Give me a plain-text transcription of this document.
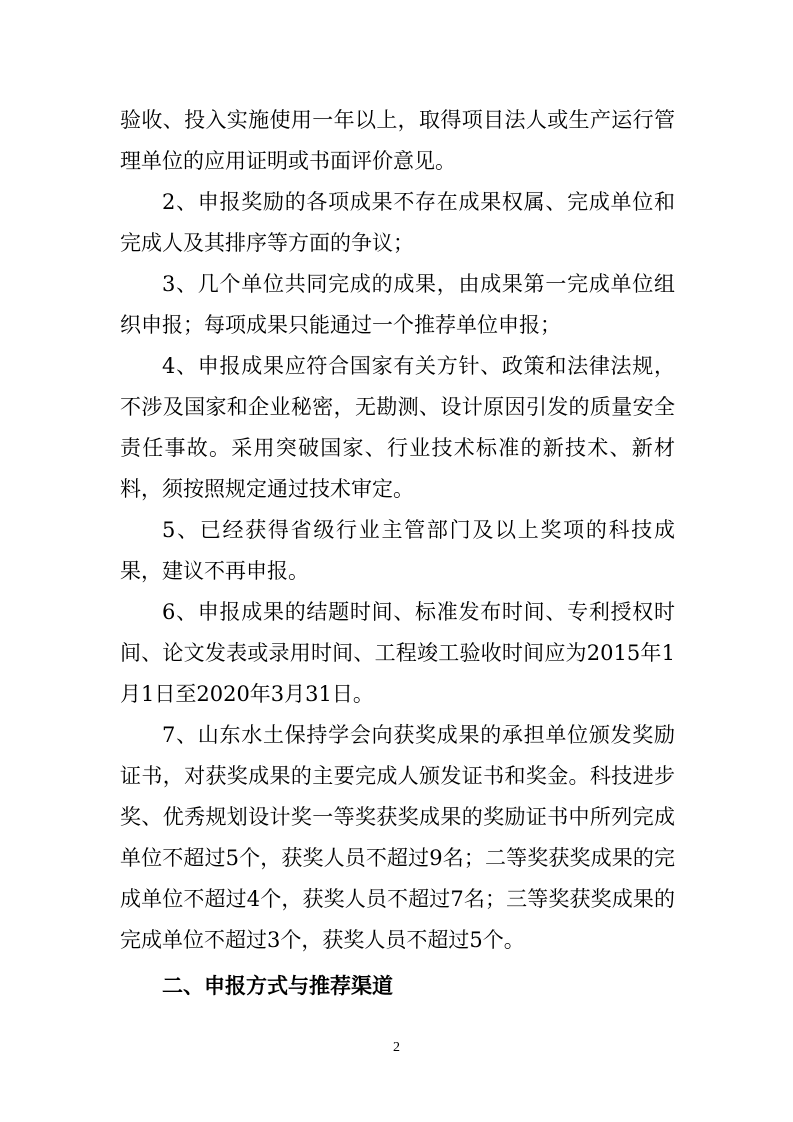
验收、投入实施使用一年以上，取得项目法人或生产运行管理单位的应用证明或书面评价意见。

2、申报奖励的各项成果不存在成果权属、完成单位和完成人及其排序等方面的争议；

3、几个单位共同完成的成果，由成果第一完成单位组织申报；每项成果只能通过一个推荐单位申报；

4、申报成果应符合国家有关方针、政策和法律法规，不涉及国家和企业秘密，无勘测、设计原因引发的质量安全责任事故。采用突破国家、行业技术标准的新技术、新材料，须按照规定通过技术审定。

5、已经获得省级行业主管部门及以上奖项的科技成果，建议不再申报。

6、申报成果的结题时间、标准发布时间、专利授权时间、论文发表或录用时间、工程竣工验收时间应为2015年1月1日至2020年3月31日。

7、山东水土保持学会向获奖成果的承担单位颁发奖励证书，对获奖成果的主要完成人颁发证书和奖金。科技进步奖、优秀规划设计奖一等奖获奖成果的奖励证书中所列完成单位不超过5个，获奖人员不超过9名；二等奖获奖成果的完成单位不超过4个，获奖人员不超过7名；三等奖获奖成果的完成单位不超过3个，获奖人员不超过5个。

二、申报方式与推荐渠道

2
